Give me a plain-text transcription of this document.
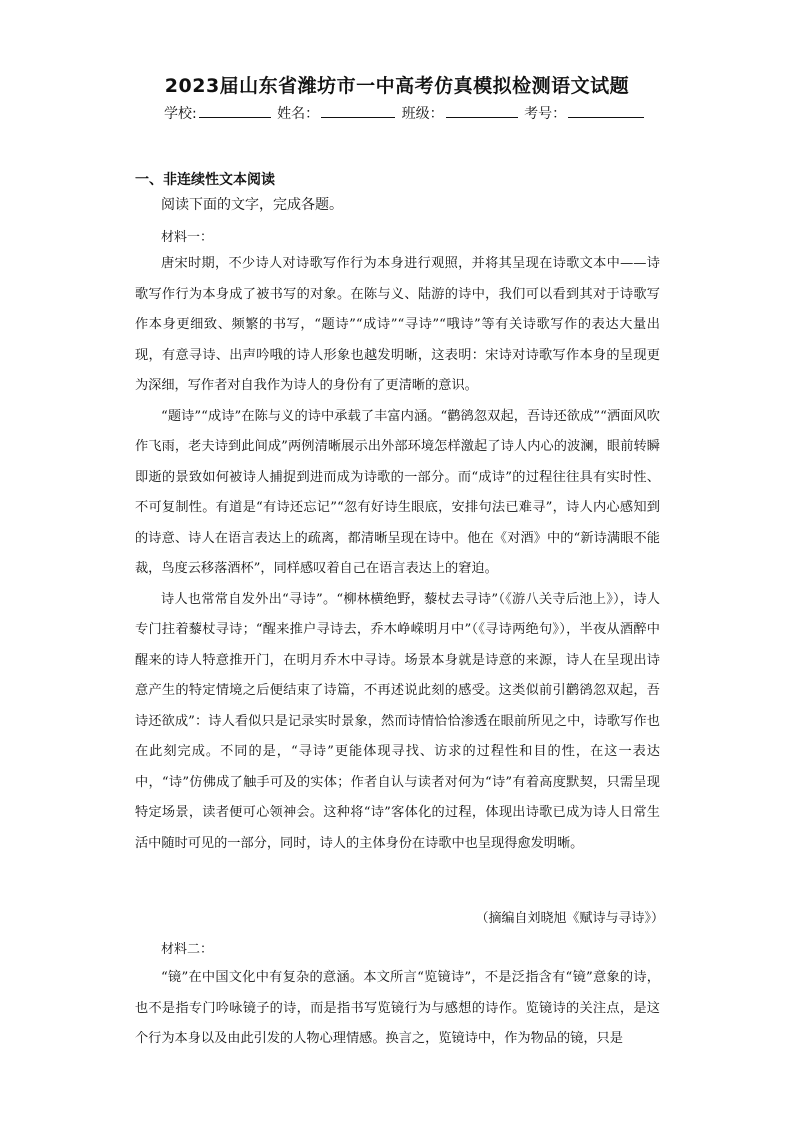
2023届山东省潍坊市一中高考仿真模拟检测语文试题
学校:	姓名：	班级：	考号：
一、非连续性文本阅读
阅读下面的文字，完成各题。
材料一：

唐宋时期，不少诗人对诗歌写作行为本身进行观照，并将其呈现在诗歌文本中——诗歌写作行为本身成了被书写的对象。在陈与义、陆游的诗中，我们可以看到其对于诗歌写作本身更细致、频繁的书写，“题诗”“成诗”“寻诗”“哦诗”等有关诗歌写作的表达大量出现，有意寻诗、出声吟哦的诗人形象也越发明晰，这表明：宋诗对诗歌写作本身的呈现更为深细，写作者对自我作为诗人的身份有了更清晰的意识。

“题诗”“成诗”在陈与义的诗中承载了丰富内涵。“鹳鹆忽双起，吾诗还欲成”“洒面风吹作飞雨，老夫诗到此间成”两例清晰展示出外部环境怎样激起了诗人内心的波澜，眼前转瞬即逝的景致如何被诗人捕捉到进而成为诗歌的一部分。而“成诗”的过程往往具有实时性、不可复制性。有道是“有诗还忘记”“忽有好诗生眼底，安排句法已难寻”，诗人内心感知到的诗意、诗人在语言表达上的疏离，都清晰呈现在诗中。他在《对酒》中的“新诗满眼不能裁，鸟度云移落酒杯”，同样感叹着自己在语言表达上的窘迫。

诗人也常常自发外出“寻诗”。“柳林横绝野，藜杖去寻诗”（《游八关寺后池上》），诗人专门拄着藜杖寻诗；“醒来推户寻诗去，乔木峥嵘明月中”（《寻诗两绝句》），半夜从酒醉中醒来的诗人特意推开门，在明月乔木中寻诗。场景本身就是诗意的来源，诗人在呈现出诗意产生的特定情境之后便结束了诗篇，不再述说此刻的感受。这类似前引鹳鹆忽双起，吾诗还欲成”：诗人看似只是记录实时景象，然而诗情恰恰渗透在眼前所见之中，诗歌写作也在此刻完成。不同的是，“寻诗”更能体现寻找、访求的过程性和目的性，在这一表达中，“诗”仿佛成了触手可及的实体；作者自认与读者对何为“诗”有着高度默契，只需呈现特定场景，读者便可心领神会。这种将“诗”客体化的过程，体现出诗歌已成为诗人日常生活中随时可见的一部分，同时，诗人的主体身份在诗歌中也呈现得愈发明晰。

（摘编自刘晓旭《赋诗与寻诗》）
材料二：

“镜”在中国文化中有复杂的意涵。本文所言“览镜诗”，不是泛指含有“镜”意象的诗，也不是指专门吟咏镜子的诗，而是指书写览镜行为与感想的诗作。览镜诗的关注点，是这个行为本身以及由此引发的人物心理情感。换言之，览镜诗中，作为物品的镜，只是
